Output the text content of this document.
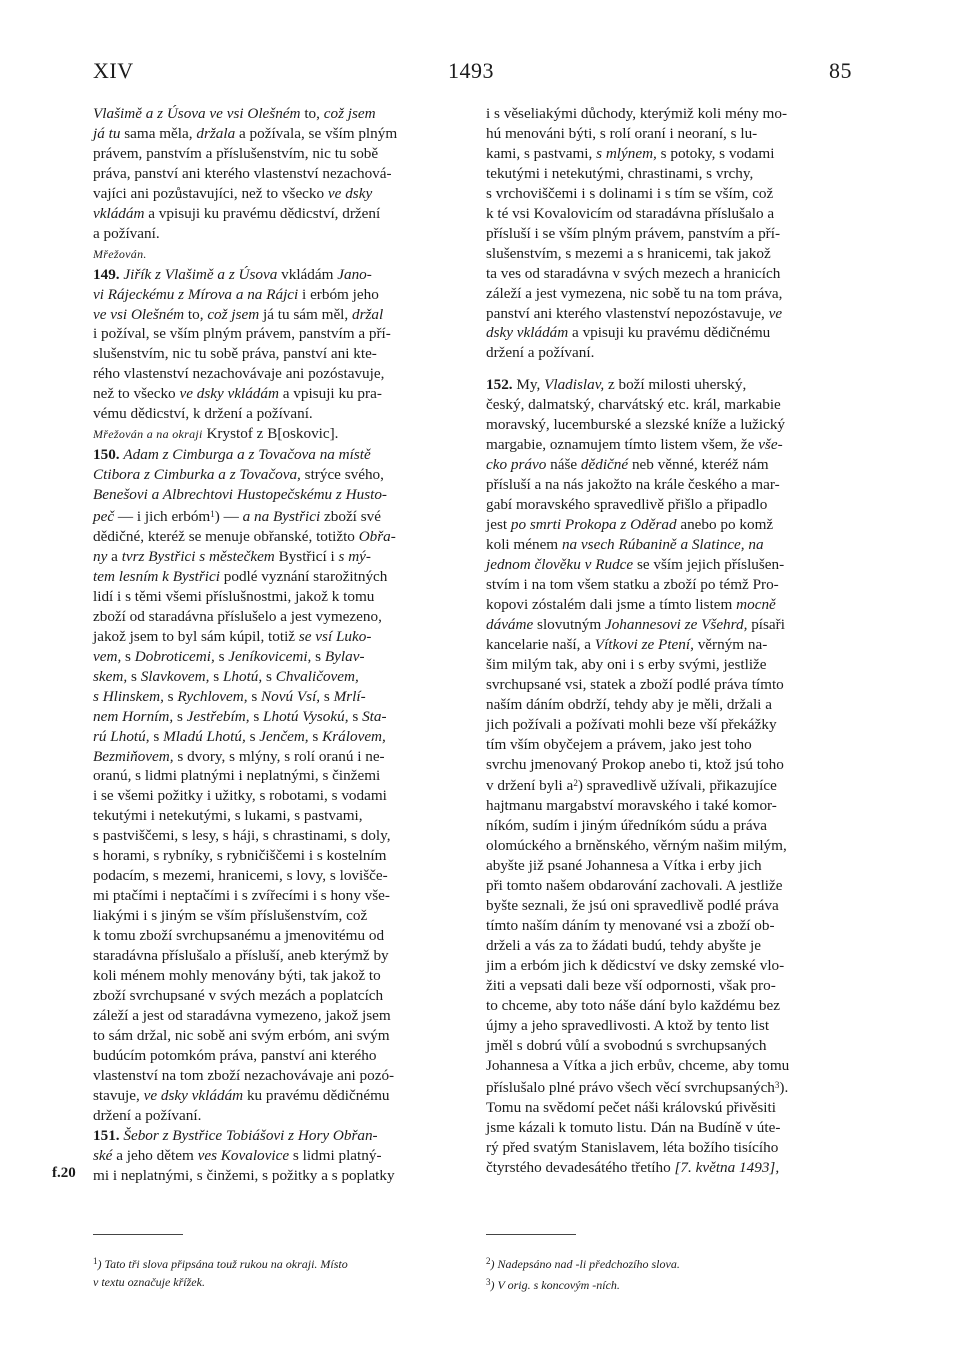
XIV	1493	85
Vlašimě a z Úsova ve vsi Olešném to, což jsem
já tu sama měla, držala a požívala, se vším plným
právem, panstvím a příslušenstvím, nic tu sobě
práva, panství ani kterého vlastenství nezachová-
vajíci ani pozůstavujíci, než to všecko ve dsky
vkládám a vpisuji ku pravému dědicství, držení
a požívaní.
Mřežován.
149. Jiřík z Vlašimě a z Úsova vkládám Jano-
vi Rájeckému z Mírova a na Rájci i erbóm jeho
ve vsi Olešném to, což jsem já tu sám měl, držal
i požíval, se vším plným právem, panstvím a pří-
slušenstvím, nic tu sobě práva, panství ani kte-
rého vlastenství nezachovávaje ani pozóstavuje,
než to všecko ve dsky vkládám a vpisuji ku pra-
vému dědicství, k držení a požívaní.
Mřežován a na okraji Krystof z B[oskovic].
150. Adam z Cimburga a z Tovačova na místě
Ctibora z Cimburka a z Tovačova, strýce svého,
Benešovi a Albrechtovi Hustopečskému z Husto-
peč — i jich erbóm$^1$) — a na Bystřici zboží své
dědičné, kteréž se menuje obřanské, totižto Obřa-
ny a tvrz Bystřici s městečkem Bystřicí i s mý-
tem lesním k Bystřici podlé vyznání starožitných
lidí i s těmi všemi příslušnostmi, jakož k tomu
zboží od staradávna příslušelo a jest vymezeno,
jakož jsem to byl sám kúpil, totiž se vsí Luko-
vem, s Dobroticemi, s Jeníkovicemi, s Bylav-
skem, s Slavkovem, s Lhotú, s Chvaličovem,
s Hlinskem, s Rychlovem, s Novú Vsí, s Mrlí-
nem Horním, s Jestřebím, s Lhotú Vysokú, s Sta-
rú Lhotú, s Mladú Lhotú, s Jenčem, s Královem,
Bezmiňovem, s dvory, s mlýny, s rolí oranú i ne-
oranú, s lidmi platnými i neplatnými, s činžemi
i se všemi požitky i užitky, s robotami, s vodami
tekutými i netekutými, s lukami, s pastvami,
s pastviščemi, s lesy, s háji, s chrastinami, s doly,
s horami, s rybníky, s rybničiščemi i s kostelním
podacím, s mezemi, hranicemi, s lovy, s lovišče-
mi ptačími i neptačími i s zvířecími i s hony vše-
liakými i s jiným se vším příslušenstvím, což
k tomu zboží svrchupsanému a jmenovitému od
staradávna příslušalo a přísluší, aneb kterýmž by
koli ménem mohly menovány býti, tak jakož to
zboží svrchupsané v svých mezách a poplatcích
záleží a jest od staradávna vymezeno, jakož jsem
to sám držal, nic sobě ani svým erbóm, ani svým
budúcím potomkóm práva, panství ani kterého
vlastenství na tom zboží nezachovávaje ani pozó-
stavuje, ve dsky vkládám ku pravému dědičnému
držení a požívaní.
151. Šebor z Bystřice Tobiášovi z Hory Obřan-
ské a jeho dětem ves Kovalovice s lidmi platný-
mi i neplatnými, s činžemi, s požitky a s poplatky
i s věseliakými důchody, kterýmiž koli mény mo-
hú menováni býti, s rolí oraní i neoraní, s lu-
kami, s pastvami, s mlýnem, s potoky, s vodami
tekutými i netekutými, chrastinami, s vrchy,
s vrchoviščemi i s dolinami i s tím se vším, což
k té vsi Kovalovicím od staradávna příslušalo a
přísluší i se vším plným právem, panstvím a pří-
slušenstvím, s mezemi a s hranicemi, tak jakož
ta ves od staradávna v svých mezech a hranicích
záleží a jest vymezena, nic sobě tu na tom práva,
panství ani kterého vlastenství nepozóstavuje, ve
dsky vkládám a vpisuji ku pravému dědičnému
držení a požívaní.
152. My, Vladislav, z boží milosti uherský,
český, dalmatský, charvátský etc. král, markabie
moravský, lucemburské a slezské kníže a lužický
margabie, oznamujem tímto listem všem, že vše-
cko právo náše dědičné neb věnné, kteréž nám
přísluší a na nás jakožto na krále českého a mar-
gabí moravského spravedlivě přišlo a připadlo
jest po smrti Prokopa z Oděrad anebo po komž
koli ménem na vsech Rúbanině a Slatince, na
jednom člověku v Rudce se vším jejich příslušen-
stvím i na tom všem statku a zboží po témž Pro-
kopovi zóstalém dali jsme a tímto listem mocně
dáváme slovutným Johannesovi ze Všehrd, písaři
kancelarie naší, a Vítkovi ze Ptení, věrným na-
šim milým tak, aby oni i s erby svými, jestliže
svrchupsané vsi, statek a zboží podlé práva tímto
naším dáním obdrží, tehdy aby je měli, držali a
jich požívali a požívati mohli beze vší překážky
tím vším obyčejem a právem, jako jest toho
svrchu jmenovaný Prokop anebo ti, ktož jsú toho
v držení byli $a^2$) spravedlivě užívali, přikazujíce
hajtmanu margabství moravského i také komor-
níkóm, sudím i jiným úředníkóm súdu a práva
olomúckého a brněnského, věrným našim milým,
abyšte již psané Johannesa a Vítka i erby jich
při tomto našem obdarování zachovali. A jestliže
byšte seznali, že jsú oni spravedlivě podlé práva
tímto naším dáním ty menované vsi a zboží ob-
drželi a vás za to žádati budú, tehdy abyšte je
jim a erbóm jich k dědicství ve dsky zemské vlo-
žiti a vepsati dali beze vší odpornosti, však pro-
to chceme, aby toto náše dání bylo každému bez
újmy a jeho spravedlivosti. A ktož by tento list
jměl s dobrú vůlí a svobodnú s svrchupsaných
Johannesa a Vítka a jich erbův, chceme, aby tomu
příslušalo plné právo všech věcí svrchupsaných$^3$).
Tomu na svědomí pečet náši královskú přivěsiti
jsme kázali k tomuto listu. Dán na Budíně v úte-
rý před svatým Stanislavem, léta božího tisícího
čtyrstého devadesátého třetího [7. května 1493],
f.20
$^1$) Tato tři slova připsána touž rukou na okraji. Místo
v textu označuje křížek.
$^2$) Nadepsáno nad -li předchozího slova.
$^3$) V orig. s koncovým -ních.
